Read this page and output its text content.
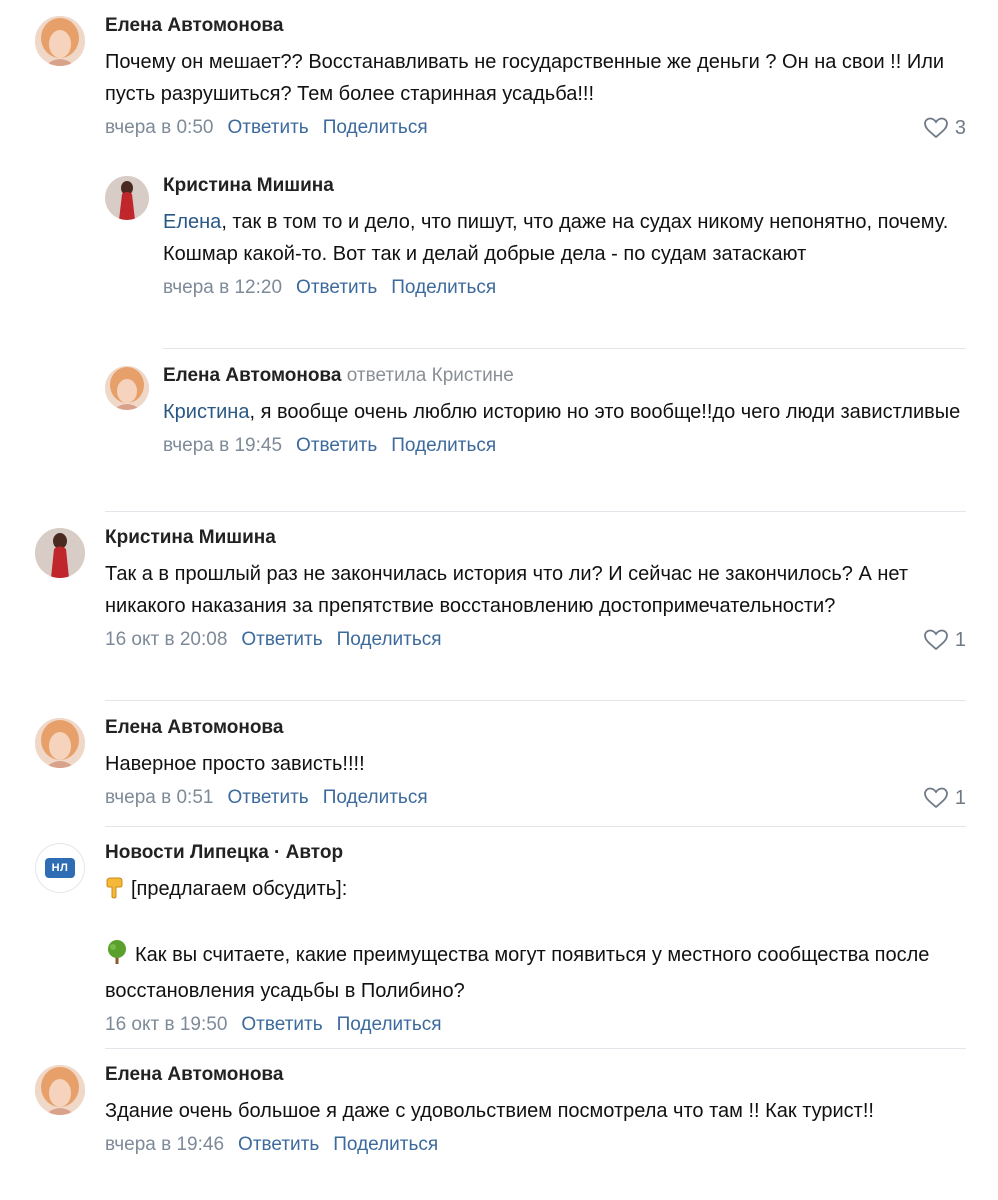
Елена Автомонова
Почему он мешает?? Восстанавливать не государственные же деньги ? Он на свои !! Или пусть разрушиться? Тем более старинная усадьба!!!
вчера в 0:50 Ответить Поделиться	3
Кристина Мишина
Елена, так в том то и дело, что пишут, что даже на судах никому непонятно, почему. Кошмар какой-то. Вот так и делай добрые дела - по судам затаскают
вчера в 12:20 Ответить Поделиться
Елена Автомонова ответила Кристине
Кристина, я вообще очень люблю историю но это вообще!!до чего люди завистливые
вчера в 19:45 Ответить Поделиться
Кристина Мишина
Так а в прошлый раз не закончилась история что ли? И сейчас не закончилось? А нет никакого наказания за препятствие восстановлению достопримечательности?
16 окт в 20:08 Ответить Поделиться	1
Елена Автомонова
Наверное просто зависть!!!!
вчера в 0:51 Ответить Поделиться	1
НЛ
Новости Липецка · Автор
[предлагаем обсудить]:
Как вы считаете, какие преимущества могут появиться у местного сообщества после восстановления усадьбы в Полибино?
16 окт в 19:50 Ответить Поделиться
Елена Автомонова
Здание очень большое я даже с удовольствием посмотрела что там !! Как турист!!
вчера в 19:46 Ответить Поделиться
